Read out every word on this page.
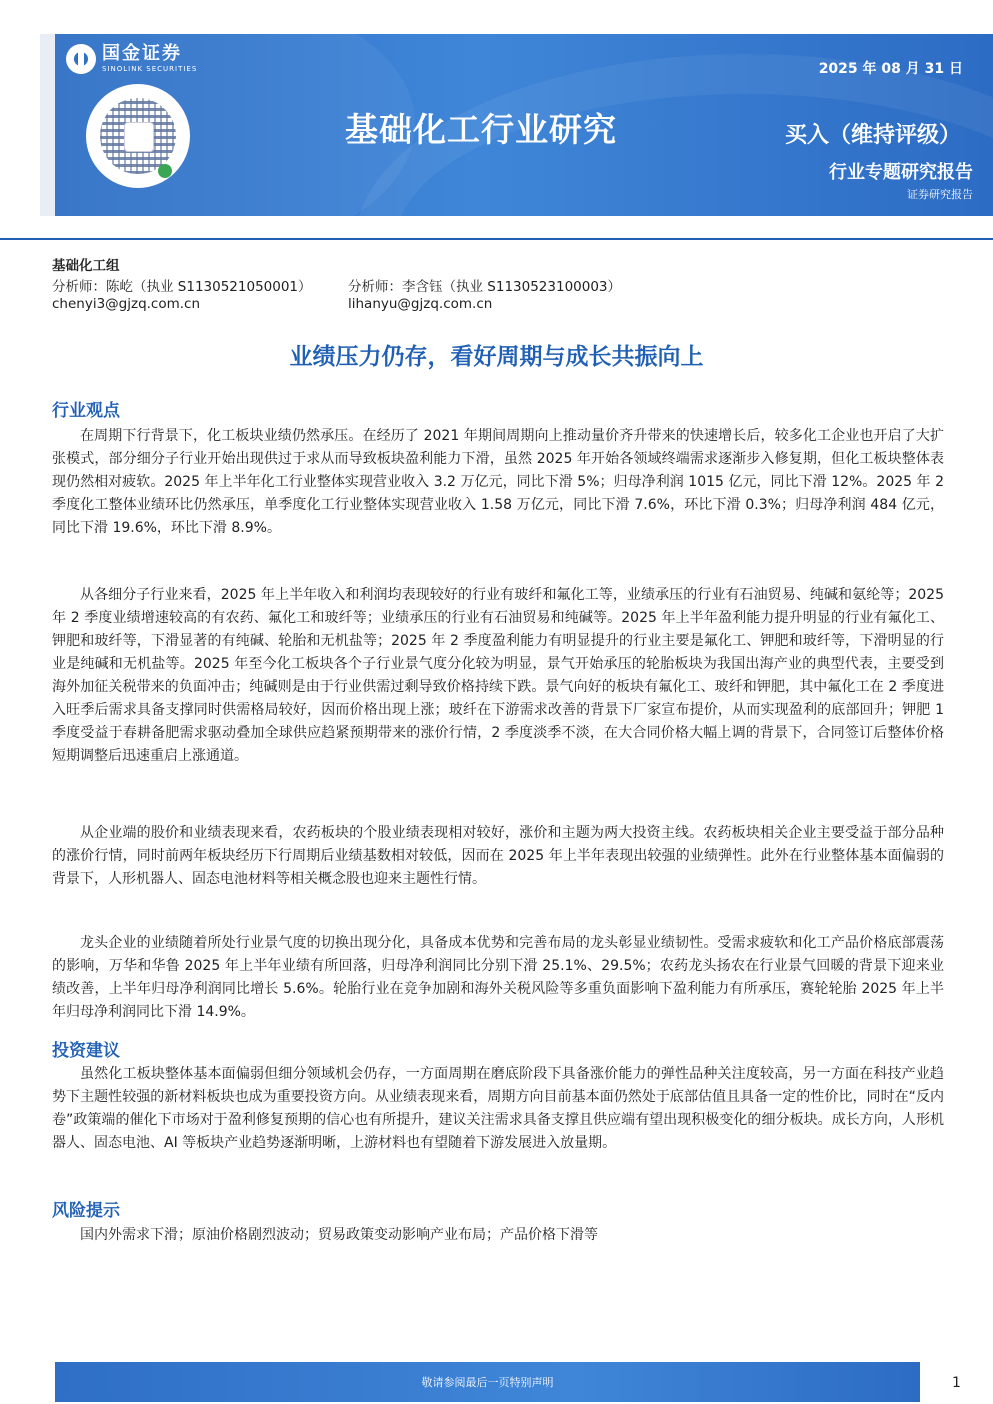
国金证券
SINOLINK SECURITIES	2025 年 08 月 31 日
基础化工行业研究	买入（维持评级）
行业专题研究报告
证券研究报告
基础化工组
分析师：陈屹（执业 S1130521050001）	分析师：李含钰（执业 S1130523100003）
chenyi3@gjzq.com.cn	lihanyu@gjzq.com.cn
业绩压力仍存，看好周期与成长共振向上
行业观点

在周期下行背景下，化工板块业绩仍然承压。在经历了 2021 年期间周期向上推动量价齐升带来的快速增长后，较多化工企业也开启了大扩张模式，部分细分子行业开始出现供过于求从而导致板块盈利能力下滑，虽然 2025 年开始各领域终端需求逐渐步入修复期，但化工板块整体表现仍然相对疲软。2025 年上半年化工行业整体实现营业收入 3.2 万亿元，同比下滑 5%；归母净利润 1015 亿元，同比下滑 12%。2025 年 2 季度化工整体业绩环比仍然承压，单季度化工行业整体实现营业收入 1.58 万亿元，同比下滑 7.6%，环比下滑 0.3%；归母净利润 484 亿元，同比下滑 19.6%，环比下滑 8.9%。

从各细分子行业来看，2025 年上半年收入和利润均表现较好的行业有玻纤和氟化工等，业绩承压的行业有石油贸易、纯碱和氨纶等；2025 年 2 季度业绩增速较高的有农药、氟化工和玻纤等；业绩承压的行业有石油贸易和纯碱等。2025 年上半年盈利能力提升明显的行业有氟化工、钾肥和玻纤等，下滑显著的有纯碱、轮胎和无机盐等；2025 年 2 季度盈利能力有明显提升的行业主要是氟化工、钾肥和玻纤等，下滑明显的行业是纯碱和无机盐等。2025 年至今化工板块各个子行业景气度分化较为明显，景气开始承压的轮胎板块为我国出海产业的典型代表，主要受到海外加征关税带来的负面冲击；纯碱则是由于行业供需过剩导致价格持续下跌。景气向好的板块有氟化工、玻纤和钾肥，其中氟化工在 2 季度进入旺季后需求具备支撑同时供需格局较好，因而价格出现上涨；玻纤在下游需求改善的背景下厂家宣布提价，从而实现盈利的底部回升；钾肥 1 季度受益于春耕备肥需求驱动叠加全球供应趋紧预期带来的涨价行情，2 季度淡季不淡，在大合同价格大幅上调的背景下，合同签订后整体价格短期调整后迅速重启上涨通道。

从企业端的股价和业绩表现来看，农药板块的个股业绩表现相对较好，涨价和主题为两大投资主线。农药板块相关企业主要受益于部分品种的涨价行情，同时前两年板块经历下行周期后业绩基数相对较低，因而在 2025 年上半年表现出较强的业绩弹性。此外在行业整体基本面偏弱的背景下，人形机器人、固态电池材料等相关概念股也迎来主题性行情。

龙头企业的业绩随着所处行业景气度的切换出现分化，具备成本优势和完善布局的龙头彰显业绩韧性。受需求疲软和化工产品价格底部震荡的影响，万华和华鲁 2025 年上半年业绩有所回落，归母净利润同比分别下滑 25.1%、29.5%；农药龙头扬农在行业景气回暖的背景下迎来业绩改善，上半年归母净利润同比增长 5.6%。轮胎行业在竞争加剧和海外关税风险等多重负面影响下盈利能力有所承压，赛轮轮胎 2025 年上半年归母净利润同比下滑 14.9%。

投资建议

虽然化工板块整体基本面偏弱但细分领域机会仍存，一方面周期在磨底阶段下具备涨价能力的弹性品种关注度较高，另一方面在科技产业趋势下主题性较强的新材料板块也成为重要投资方向。从业绩表现来看，周期方向目前基本面仍然处于底部估值且具备一定的性价比，同时在“反内卷”政策端的催化下市场对于盈利修复预期的信心也有所提升，建议关注需求具备支撑且供应端有望出现积极变化的细分板块。成长方向，人形机器人、固态电池、AI 等板块产业趋势逐渐明晰，上游材料也有望随着下游发展进入放量期。

风险提示

国内外需求下滑；原油价格剧烈波动；贸易政策变动影响产业布局；产品价格下滑等

敬请参阅最后一页特别声明	1
